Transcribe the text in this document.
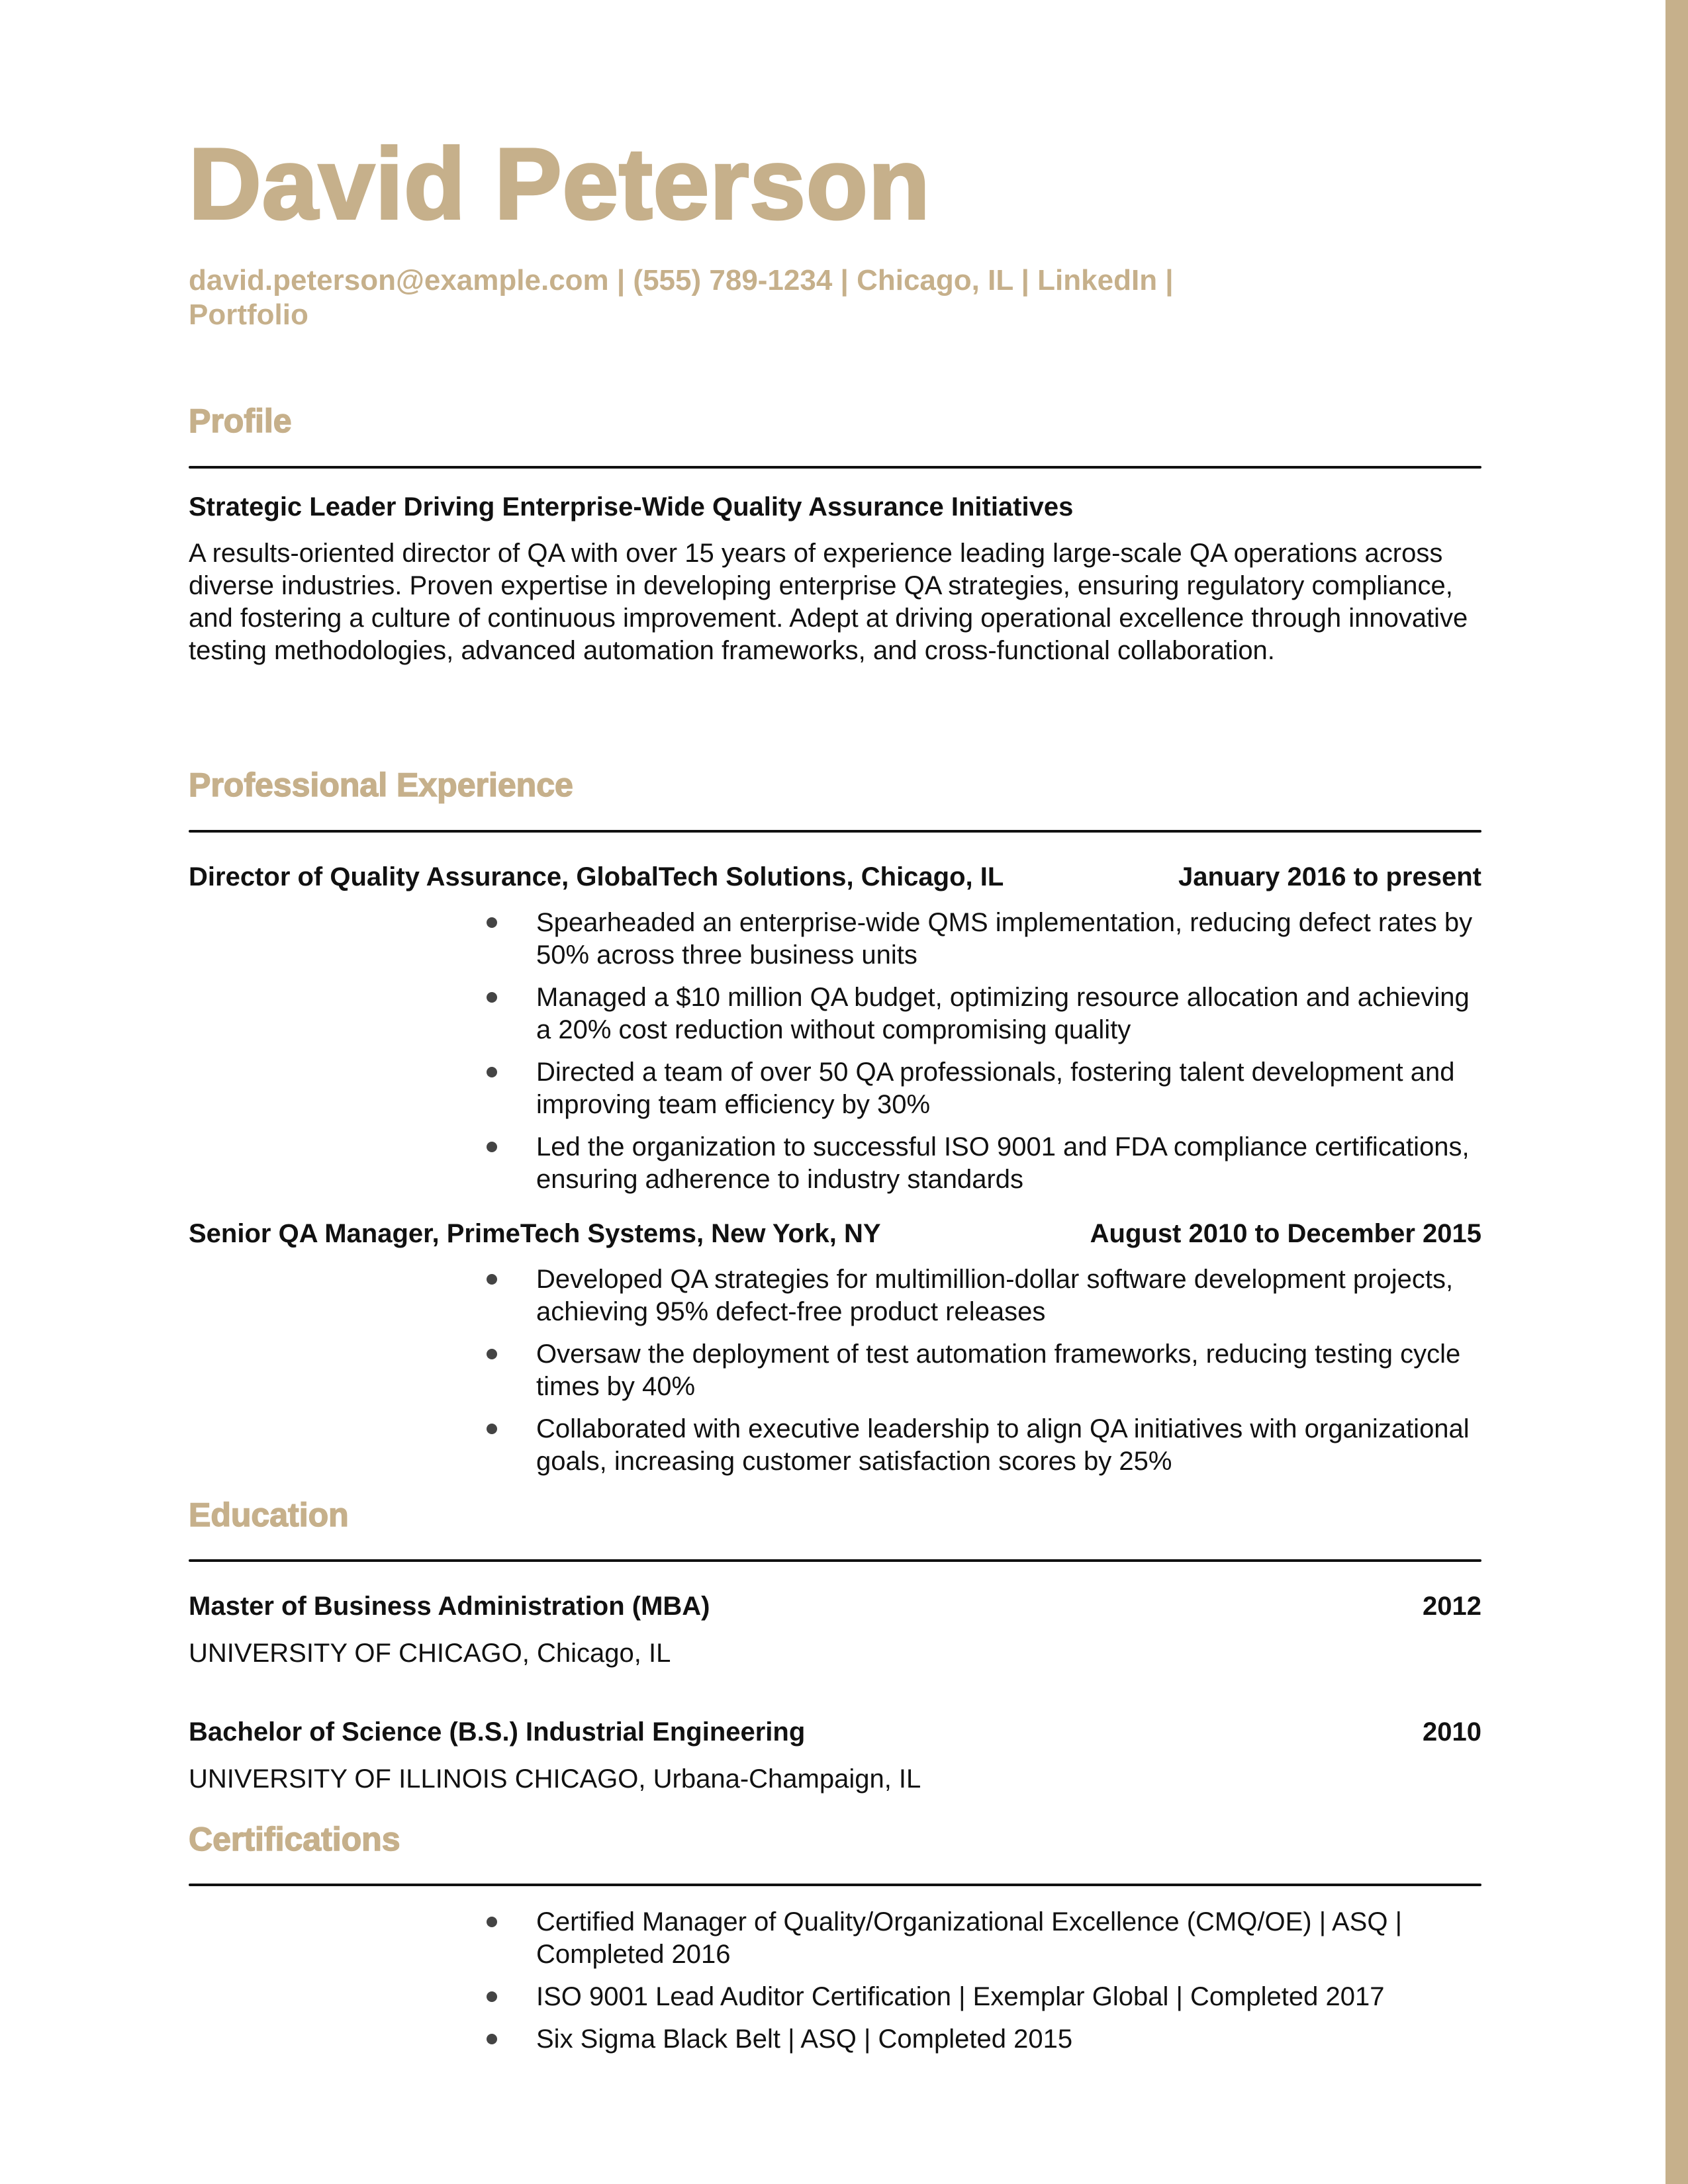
David Peterson
david.peterson@example.com | (555) 789-1234 | Chicago, IL | LinkedIn |
Portfolio
Profile
Strategic Leader Driving Enterprise-Wide Quality Assurance Initiatives
A results-oriented director of QA with over 15 years of experience leading large-scale QA operations across diverse industries. Proven expertise in developing enterprise QA strategies, ensuring regulatory compliance, and fostering a culture of continuous improvement. Adept at driving operational excellence through innovative testing methodologies, advanced automation frameworks, and cross-functional collaboration.
Professional Experience
Director of Quality Assurance, GlobalTech Solutions, Chicago, IL	January 2016 to present
Spearheaded an enterprise-wide QMS implementation, reducing defect rates by 50% across three business units
Managed a $10 million QA budget, optimizing resource allocation and achieving a 20% cost reduction without compromising quality
Directed a team of over 50 QA professionals, fostering talent development and improving team efficiency by 30%
Led the organization to successful ISO 9001 and FDA compliance certifications, ensuring adherence to industry standards
Senior QA Manager, PrimeTech Systems, New York, NY	August 2010 to December 2015
Developed QA strategies for multimillion-dollar software development projects, achieving 95% defect-free product releases
Oversaw the deployment of test automation frameworks, reducing testing cycle times by 40%
Collaborated with executive leadership to align QA initiatives with organizational goals, increasing customer satisfaction scores by 25%
Education
Master of Business Administration (MBA)	2012
UNIVERSITY OF CHICAGO, Chicago, IL
Bachelor of Science (B.S.) Industrial Engineering	2010
UNIVERSITY OF ILLINOIS CHICAGO, Urbana-Champaign, IL
Certifications
Certified Manager of Quality/Organizational Excellence (CMQ/OE) | ASQ | Completed 2016
ISO 9001 Lead Auditor Certification | Exemplar Global | Completed 2017
Six Sigma Black Belt | ASQ | Completed 2015
